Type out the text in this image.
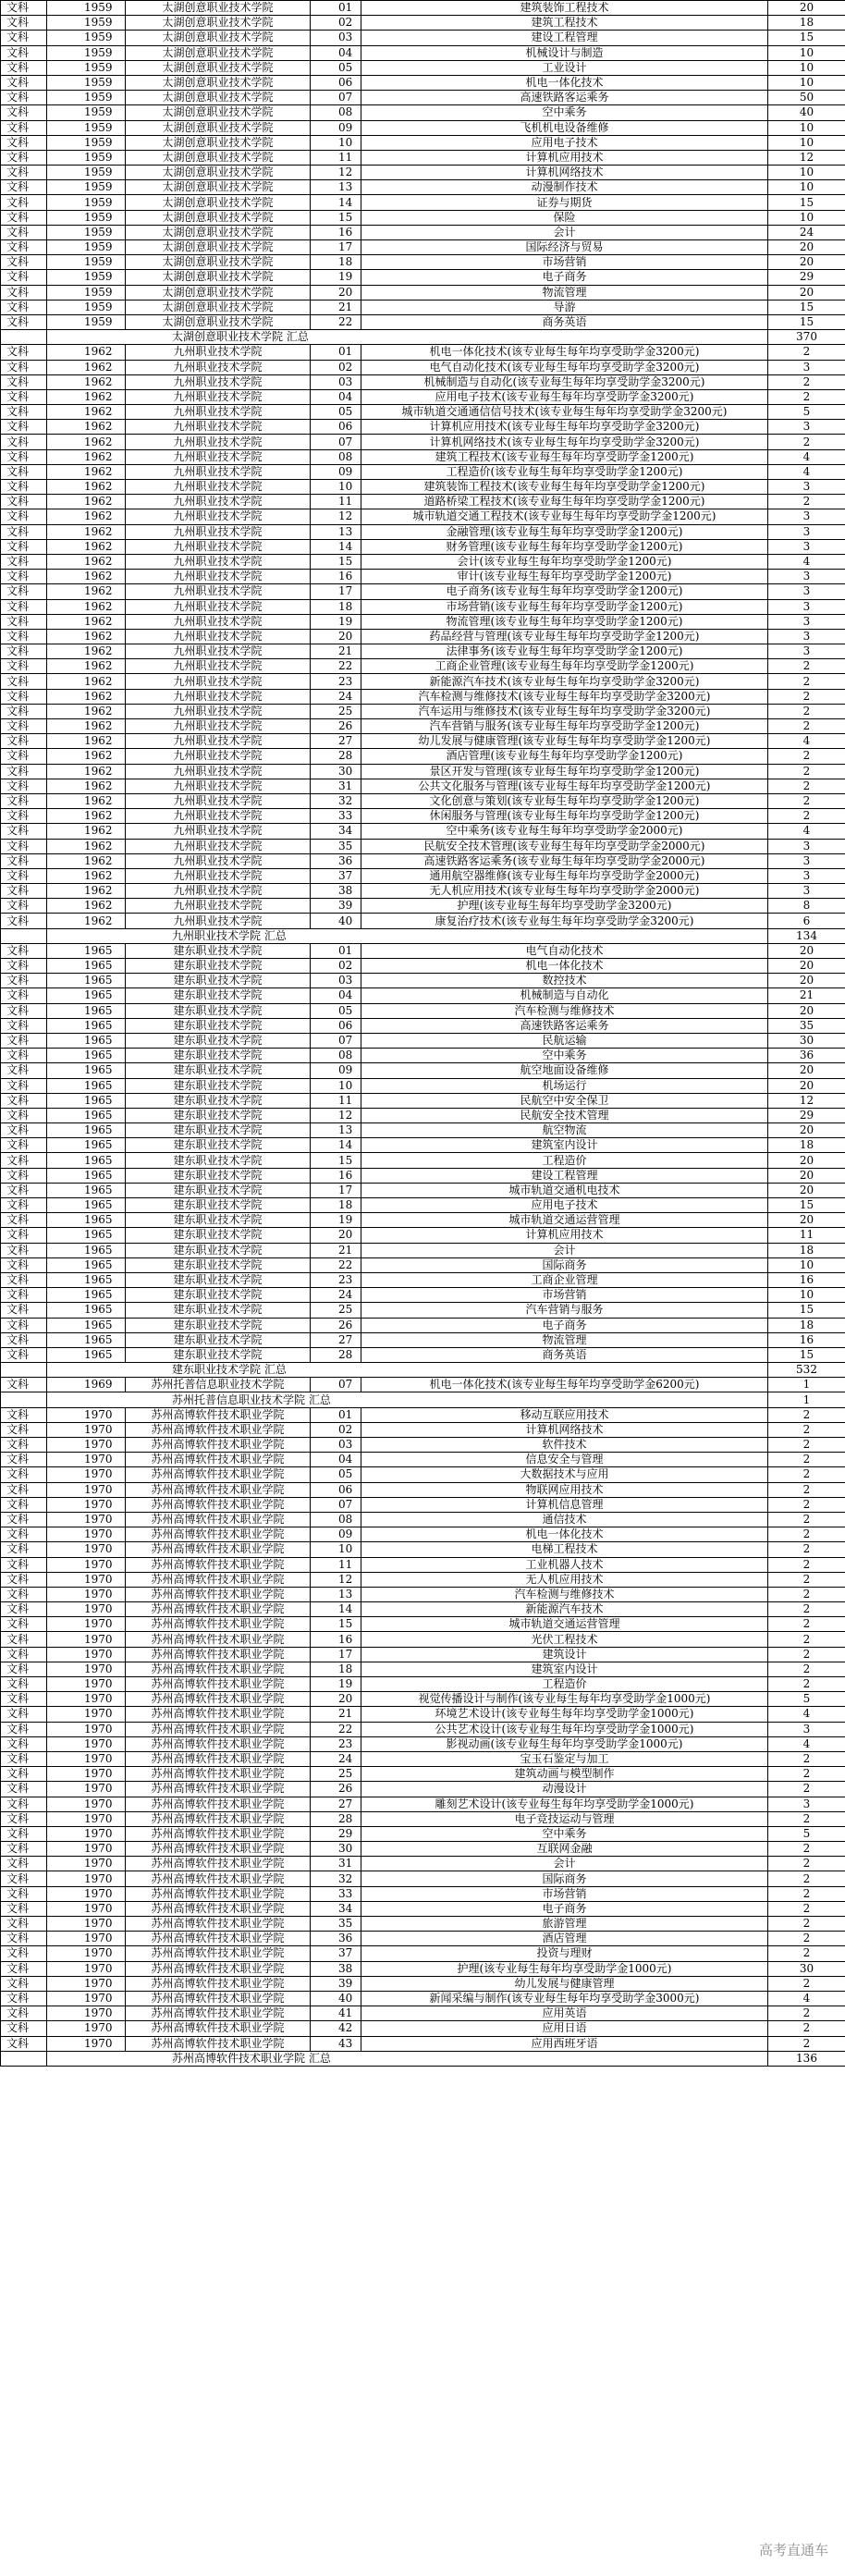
文科	1959	太湖创意职业技术学院	01	建筑装饰工程技术	20
文科	1959	太湖创意职业技术学院	02	建筑工程技术	18
文科	1959	太湖创意职业技术学院	03	建设工程管理	15
文科	1959	太湖创意职业技术学院	04	机械设计与制造	10
文科	1959	太湖创意职业技术学院	05	工业设计	10
文科	1959	太湖创意职业技术学院	06	机电一体化技术	10
文科	1959	太湖创意职业技术学院	07	高速铁路客运乘务	50
文科	1959	太湖创意职业技术学院	08	空中乘务	40
文科	1959	太湖创意职业技术学院	09	飞机机电设备维修	10
文科	1959	太湖创意职业技术学院	10	应用电子技术	10
文科	1959	太湖创意职业技术学院	11	计算机应用技术	12
文科	1959	太湖创意职业技术学院	12	计算机网络技术	10
文科	1959	太湖创意职业技术学院	13	动漫制作技术	10
文科	1959	太湖创意职业技术学院	14	证券与期货	15
文科	1959	太湖创意职业技术学院	15	保险	10
文科	1959	太湖创意职业技术学院	16	会计	24
文科	1959	太湖创意职业技术学院	17	国际经济与贸易	20
文科	1959	太湖创意职业技术学院	18	市场营销	20
文科	1959	太湖创意职业技术学院	19	电子商务	29
文科	1959	太湖创意职业技术学院	20	物流管理	20
文科	1959	太湖创意职业技术学院	21	导游	15
文科	1959	太湖创意职业技术学院	22	商务英语	15
	太湖创意职业技术学院 汇总				370
文科	1962	九州职业技术学院	01	机电一体化技术(该专业每生每年均享受助学金3200元)	2
文科	1962	九州职业技术学院	02	电气自动化技术(该专业每生每年均享受助学金3200元)	3
文科	1962	九州职业技术学院	03	机械制造与自动化(该专业每生每年均享受助学金3200元)	2
文科	1962	九州职业技术学院	04	应用电子技术(该专业每生每年均享受助学金3200元)	2
文科	1962	九州职业技术学院	05	城市轨道交通通信信号技术(该专业每生每年均享受助学金3200元)	5
文科	1962	九州职业技术学院	06	计算机应用技术(该专业每生每年均享受助学金3200元)	3
文科	1962	九州职业技术学院	07	计算机网络技术(该专业每生每年均享受助学金3200元)	2
文科	1962	九州职业技术学院	08	建筑工程技术(该专业每生每年均享受助学金1200元)	4
文科	1962	九州职业技术学院	09	工程造价(该专业每生每年均享受助学金1200元)	4
文科	1962	九州职业技术学院	10	建筑装饰工程技术(该专业每生每年均享受助学金1200元)	3
文科	1962	九州职业技术学院	11	道路桥梁工程技术(该专业每生每年均享受助学金1200元)	2
文科	1962	九州职业技术学院	12	城市轨道交通工程技术(该专业每生每年均享受助学金1200元)	3
文科	1962	九州职业技术学院	13	金融管理(该专业每生每年均享受助学金1200元)	3
文科	1962	九州职业技术学院	14	财务管理(该专业每生每年均享受助学金1200元)	3
文科	1962	九州职业技术学院	15	会计(该专业每生每年均享受助学金1200元)	4
文科	1962	九州职业技术学院	16	审计(该专业每生每年均享受助学金1200元)	3
文科	1962	九州职业技术学院	17	电子商务(该专业每生每年均享受助学金1200元)	3
文科	1962	九州职业技术学院	18	市场营销(该专业每生每年均享受助学金1200元)	3
文科	1962	九州职业技术学院	19	物流管理(该专业每生每年均享受助学金1200元)	3
文科	1962	九州职业技术学院	20	药品经营与管理(该专业每生每年均享受助学金1200元)	3
文科	1962	九州职业技术学院	21	法律事务(该专业每生每年均享受助学金1200元)	3
文科	1962	九州职业技术学院	22	工商企业管理(该专业每生每年均享受助学金1200元)	2
文科	1962	九州职业技术学院	23	新能源汽车技术(该专业每生每年均享受助学金3200元)	2
文科	1962	九州职业技术学院	24	汽车检测与维修技术(该专业每生每年均享受助学金3200元)	2
文科	1962	九州职业技术学院	25	汽车运用与维修技术(该专业每生每年均享受助学金3200元)	2
文科	1962	九州职业技术学院	26	汽车营销与服务(该专业每生每年均享受助学金1200元)	2
文科	1962	九州职业技术学院	27	幼儿发展与健康管理(该专业每生每年均享受助学金1200元)	4
文科	1962	九州职业技术学院	28	酒店管理(该专业每生每年均享受助学金1200元)	2
文科	1962	九州职业技术学院	30	景区开发与管理(该专业每生每年均享受助学金1200元)	2
文科	1962	九州职业技术学院	31	公共文化服务与管理(该专业每生每年均享受助学金1200元)	2
文科	1962	九州职业技术学院	32	文化创意与策划(该专业每生每年均享受助学金1200元)	2
文科	1962	九州职业技术学院	33	休闲服务与管理(该专业每生每年均享受助学金1200元)	2
文科	1962	九州职业技术学院	34	空中乘务(该专业每生每年均享受助学金2000元)	4
文科	1962	九州职业技术学院	35	民航安全技术管理(该专业每生每年均享受助学金2000元)	3
文科	1962	九州职业技术学院	36	高速铁路客运乘务(该专业每生每年均享受助学金2000元)	3
文科	1962	九州职业技术学院	37	通用航空器维修(该专业每生每年均享受助学金2000元)	3
文科	1962	九州职业技术学院	38	无人机应用技术(该专业每生每年均享受助学金2000元)	3
文科	1962	九州职业技术学院	39	护理(该专业每生每年均享受助学金3200元)	8
文科	1962	九州职业技术学院	40	康复治疗技术(该专业每生每年均享受助学金3200元)	6
	九州职业技术学院 汇总				134
文科	1965	建东职业技术学院	01	电气自动化技术	20
文科	1965	建东职业技术学院	02	机电一体化技术	20
文科	1965	建东职业技术学院	03	数控技术	20
文科	1965	建东职业技术学院	04	机械制造与自动化	21
文科	1965	建东职业技术学院	05	汽车检测与维修技术	20
文科	1965	建东职业技术学院	06	高速铁路客运乘务	35
文科	1965	建东职业技术学院	07	民航运输	30
文科	1965	建东职业技术学院	08	空中乘务	36
文科	1965	建东职业技术学院	09	航空地面设备维修	20
文科	1965	建东职业技术学院	10	机场运行	20
文科	1965	建东职业技术学院	11	民航空中安全保卫	12
文科	1965	建东职业技术学院	12	民航安全技术管理	29
文科	1965	建东职业技术学院	13	航空物流	20
文科	1965	建东职业技术学院	14	建筑室内设计	18
文科	1965	建东职业技术学院	15	工程造价	20
文科	1965	建东职业技术学院	16	建设工程管理	20
文科	1965	建东职业技术学院	17	城市轨道交通机电技术	20
文科	1965	建东职业技术学院	18	应用电子技术	15
文科	1965	建东职业技术学院	19	城市轨道交通运营管理	20
文科	1965	建东职业技术学院	20	计算机应用技术	11
文科	1965	建东职业技术学院	21	会计	18
文科	1965	建东职业技术学院	22	国际商务	10
文科	1965	建东职业技术学院	23	工商企业管理	16
文科	1965	建东职业技术学院	24	市场营销	10
文科	1965	建东职业技术学院	25	汽车营销与服务	15
文科	1965	建东职业技术学院	26	电子商务	18
文科	1965	建东职业技术学院	27	物流管理	16
文科	1965	建东职业技术学院	28	商务英语	15
	建东职业技术学院 汇总				532
文科	1969	苏州托普信息职业技术学院	07	机电一体化技术(该专业每生每年均享受助学金6200元)	1
	苏州托普信息职业技术学院 汇总				1
文科	1970	苏州高博软件技术职业学院	01	移动互联应用技术	2
文科	1970	苏州高博软件技术职业学院	02	计算机网络技术	2
文科	1970	苏州高博软件技术职业学院	03	软件技术	2
文科	1970	苏州高博软件技术职业学院	04	信息安全与管理	2
文科	1970	苏州高博软件技术职业学院	05	大数据技术与应用	2
文科	1970	苏州高博软件技术职业学院	06	物联网应用技术	2
文科	1970	苏州高博软件技术职业学院	07	计算机信息管理	2
文科	1970	苏州高博软件技术职业学院	08	通信技术	2
文科	1970	苏州高博软件技术职业学院	09	机电一体化技术	2
文科	1970	苏州高博软件技术职业学院	10	电梯工程技术	2
文科	1970	苏州高博软件技术职业学院	11	工业机器人技术	2
文科	1970	苏州高博软件技术职业学院	12	无人机应用技术	2
文科	1970	苏州高博软件技术职业学院	13	汽车检测与维修技术	2
文科	1970	苏州高博软件技术职业学院	14	新能源汽车技术	2
文科	1970	苏州高博软件技术职业学院	15	城市轨道交通运营管理	2
文科	1970	苏州高博软件技术职业学院	16	光伏工程技术	2
文科	1970	苏州高博软件技术职业学院	17	建筑设计	2
文科	1970	苏州高博软件技术职业学院	18	建筑室内设计	2
文科	1970	苏州高博软件技术职业学院	19	工程造价	2
文科	1970	苏州高博软件技术职业学院	20	视觉传播设计与制作(该专业每生每年均享受助学金1000元)	5
文科	1970	苏州高博软件技术职业学院	21	环境艺术设计(该专业每生每年均享受助学金1000元)	4
文科	1970	苏州高博软件技术职业学院	22	公共艺术设计(该专业每生每年均享受助学金1000元)	3
文科	1970	苏州高博软件技术职业学院	23	影视动画(该专业每生每年均享受助学金1000元)	4
文科	1970	苏州高博软件技术职业学院	24	宝玉石鉴定与加工	2
文科	1970	苏州高博软件技术职业学院	25	建筑动画与模型制作	2
文科	1970	苏州高博软件技术职业学院	26	动漫设计	2
文科	1970	苏州高博软件技术职业学院	27	雕刻艺术设计(该专业每生每年均享受助学金1000元)	3
文科	1970	苏州高博软件技术职业学院	28	电子竞技运动与管理	2
文科	1970	苏州高博软件技术职业学院	29	空中乘务	5
文科	1970	苏州高博软件技术职业学院	30	互联网金融	2
文科	1970	苏州高博软件技术职业学院	31	会计	2
文科	1970	苏州高博软件技术职业学院	32	国际商务	2
文科	1970	苏州高博软件技术职业学院	33	市场营销	2
文科	1970	苏州高博软件技术职业学院	34	电子商务	2
文科	1970	苏州高博软件技术职业学院	35	旅游管理	2
文科	1970	苏州高博软件技术职业学院	36	酒店管理	2
文科	1970	苏州高博软件技术职业学院	37	投资与理财	2
文科	1970	苏州高博软件技术职业学院	38	护理(该专业每生每年均享受助学金1000元)	30
文科	1970	苏州高博软件技术职业学院	39	幼儿发展与健康管理	2
文科	1970	苏州高博软件技术职业学院	40	新闻采编与制作(该专业每生每年均享受助学金3000元)	4
文科	1970	苏州高博软件技术职业学院	41	应用英语	2
文科	1970	苏州高博软件技术职业学院	42	应用日语	2
文科	1970	苏州高博软件技术职业学院	43	应用西班牙语	2
	苏州高博软件技术职业学院 汇总				136
高考直通车
